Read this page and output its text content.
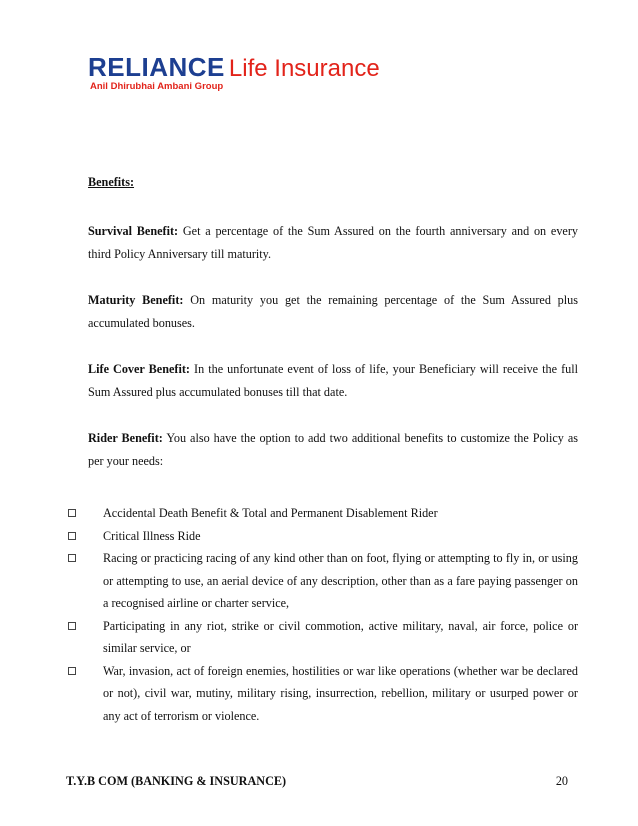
RELIANCE Life Insurance
Anil Dhirubhai Ambani Group

Benefits:

Survival Benefit: Get a percentage of the Sum Assured on the fourth anniversary and on every third Policy Anniversary till maturity.

Maturity Benefit: On maturity you get the remaining percentage of the Sum Assured plus accumulated bonuses.

Life Cover Benefit: In the unfortunate event of loss of life, your Beneficiary will receive the full Sum Assured plus accumulated bonuses till that date.

Rider Benefit: You also have the option to add two additional benefits to customize the Policy as per your needs:

Accidental Death Benefit & Total and Permanent Disablement Rider
Critical Illness Ride
Racing or practicing racing of any kind other than on foot, flying or attempting to fly in, or using or attempting to use, an aerial device of any description, other than as a fare paying passenger on a recognised airline or charter service,
Participating in any riot, strike or civil commotion, active military, naval, air force, police or similar service, or
War, invasion, act of foreign enemies, hostilities or war like operations (whether war be declared or not), civil war, mutiny, military rising, insurrection, rebellion, military or usurped power or any act of terrorism or violence.
T.Y.B COM (BANKING & INSURANCE)	20
